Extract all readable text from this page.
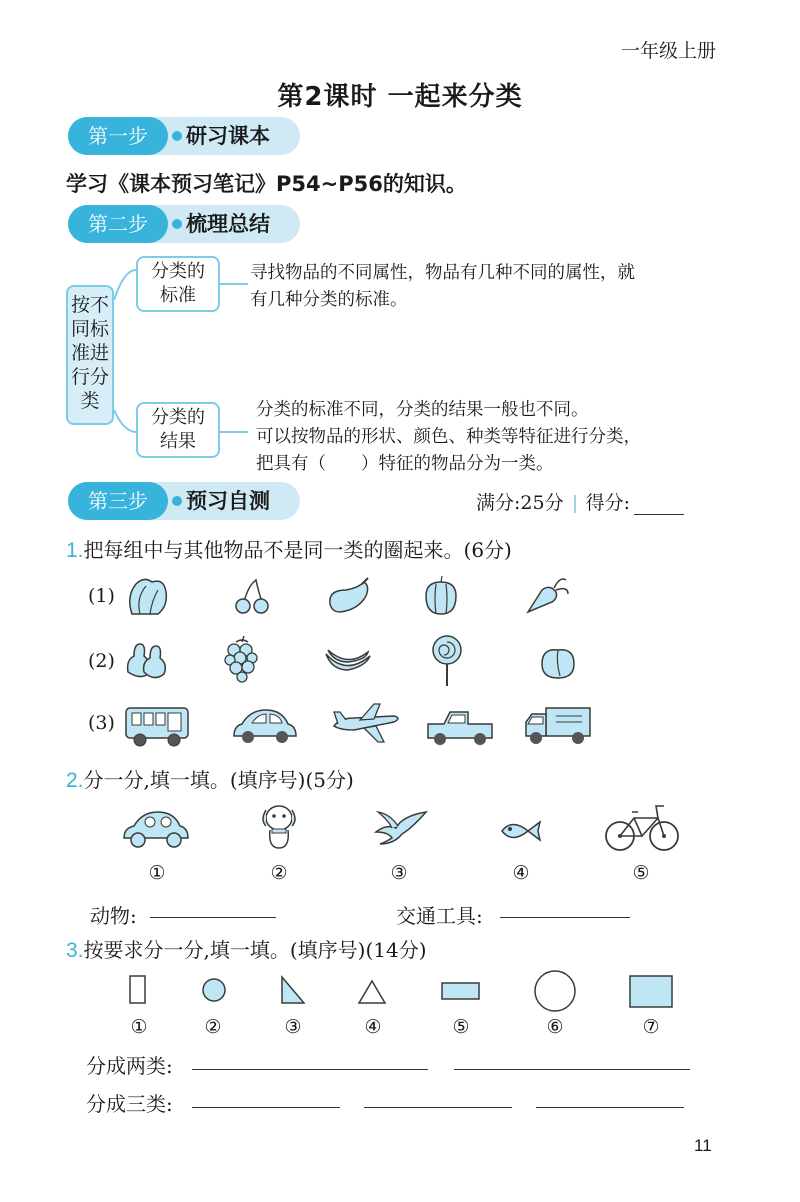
一年级上册
第2课时 一起来分类
第一步	研习课本
学习《课本预习笔记》P54~P56的知识。
第二步	梳理总结
按不
同标
准进
行分
类
分类的
标准
寻找物品的不同属性，物品有几种不同的属性，就
有几种分类的标准。
分类的
结果
分类的标准不同，分类的结果一般也不同。
可以按物品的形状、颜色、种类等特征进行分类，
把具有（　　）特征的物品分为一类。
第三步	预习自测	满分:25分 得分:
1.把每组中与其他物品不是同一类的圈起来。(6分)
(1)
(2)
(3)
2.分一分,填一填。(填序号)(5分)
①	②	③	④	⑤
动物:	交通工具:
3.按要求分一分,填一填。(填序号)(14分)
①	②	③	④	⑤	⑥	⑦
分成两类:
分成三类:
11
